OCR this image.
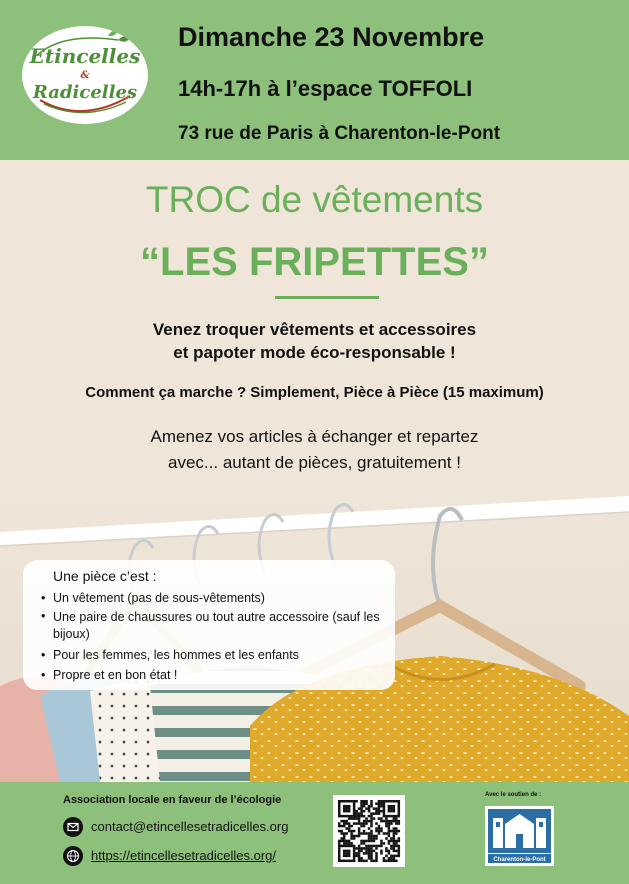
Etincelles
&
Radicelles
Dimanche 23 Novembre
14h-17h à l’espace TOFFOLI
73 rue de Paris à Charenton-le-Pont
TROC de vêtements
“LES FRIPETTES”
Venez troquer vêtements et accessoires
et papoter mode éco-responsable !
Comment ça marche ? Simplement, Pièce à Pièce (15 maximum)
Amenez vos articles à échanger et repartez
avec... autant de pièces, gratuitement !
Une pièce c’est :
• Un vêtement (pas de sous-vêtements)
• Une paire de chaussures ou tout autre accessoire (sauf les bijoux)
• Pour les femmes, les hommes et les enfants
• Propre et en bon état !
Association locale en faveur de l’écologie
contact@etincellesetradicelles.org
https://etincellesetradicelles.org/
Avec le soutien de :
Charenton-le-Pont
